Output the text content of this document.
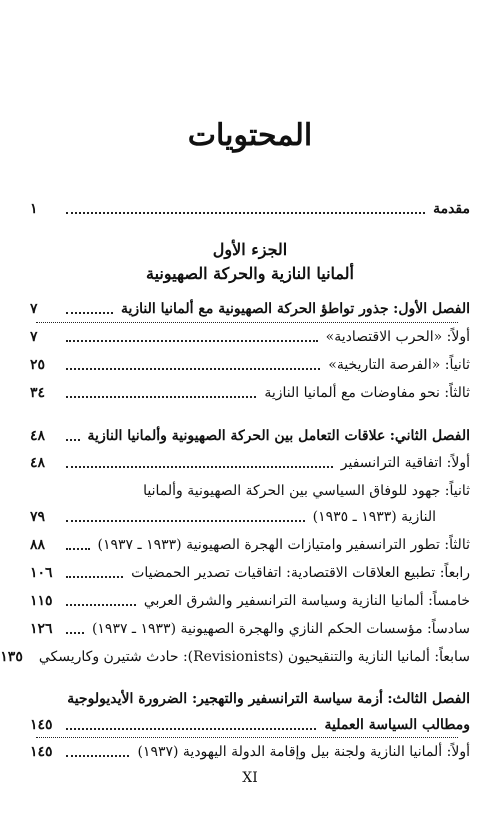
المحتويات
مقدمة
١
الجزء الأول
ألمانيا النازية والحركة الصهيونية
الفصل الأول: جذور تواطؤ الحركة الصهيونية مع ألمانيا النازية
٧
أولاً: «الحرب الاقتصادية»
٧
ثانياً: «الفرصة التاريخية»
٢٥
ثالثاً: نحو مفاوضات مع ألمانيا النازية
٣٤
الفصل الثاني: علاقات التعامل بين الحركة الصهيونية وألمانيا النازية
٤٨
أولاً: اتفاقية الترانسفير
٤٨
ثانياً: جهود للوفاق السياسي بين الحركة الصهيونية وألمانيا
النازية (١٩٣٣ ـ ١٩٣٥)
٧٩
ثالثاً: تطور الترانسفير وامتيازات الهجرة الصهيونية (١٩٣٣ ـ ١٩٣٧)
٨٨
رابعاً: تطبيع العلاقات الاقتصادية: اتفاقيات تصدير الحمضيات
١٠٦
خامساً: ألمانيا النازية وسياسة الترانسفير والشرق العربي
١١٥
سادساً: مؤسسات الحكم النازي والهجرة الصهيونية (١٩٣٣ ـ ١٩٣٧)
١٢٦
سابعاً: ألمانيا النازية والتنقيحيون (Revisionists): حادث شتيرن وكاريسكي
١٣٥
الفصل الثالث: أزمة سياسة الترانسفير والتهجير: الضرورة الأيديولوجية
ومطالب السياسة العملية
١٤٥
أولاً: ألمانيا النازية ولجنة بيل وإقامة الدولة اليهودية (١٩٣٧)
١٤٥
XI
